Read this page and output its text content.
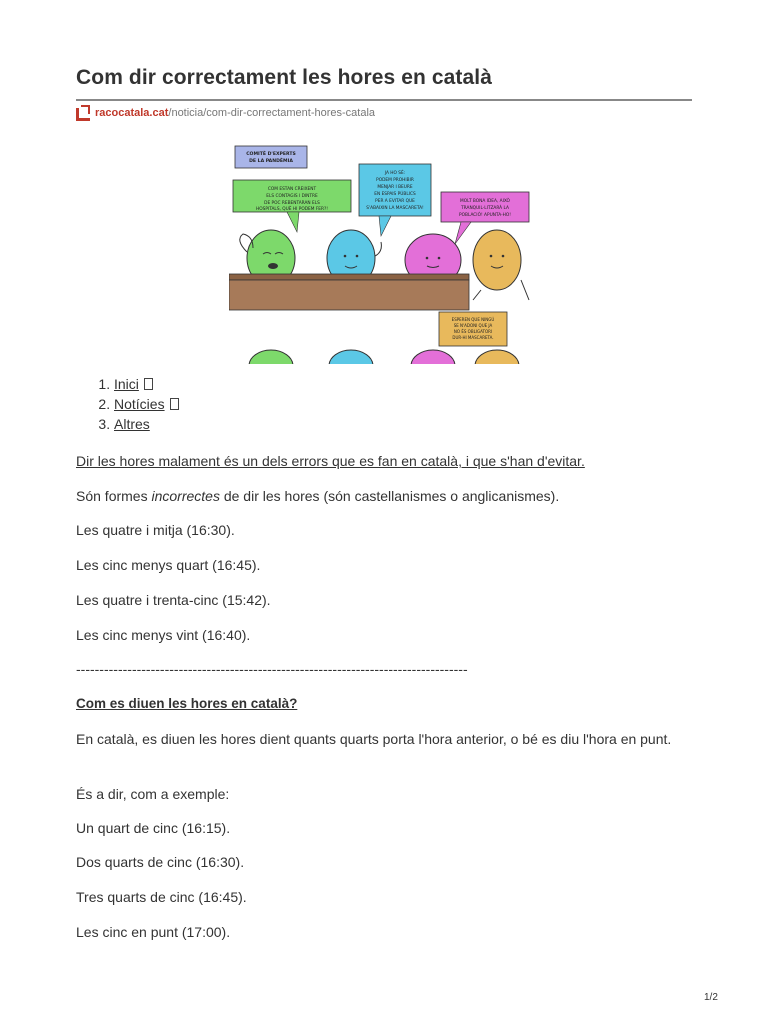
Com dir correctament les hores en català
racocatala.cat /noticia/com-dir-correctament-hores-catala
COMITÈ D'EXPERTS
DE LA PANDÈMIA
COM ESTAN CREIXENT
ELS CONTAGIS I DINTRE
DE POC REBENTARAN ELS
HOSPITALS, QUÈ HI PODEM FER?!
JA HO SÉ:
PODEM PROHIBIR
MENJAR I BEURE
EN ESPAIS PÚBLICS
PER A EVITAR QUE
S'ABAIXIN LA MASCARETA!
MOLT BONA IDEA, AIXÒ
TRANQUIL·LITZARÀ LA
POBLACIÓ! APUNTA-HO!
ESPEREN QUE NINGÚ
SE N'ADONI QUE JA
NO ÉS OBLIGATORI
DUR-HI MASCARETA.
1. Inici
2. Notícies
3. Altres

Dir les hores malament és un dels errors que es fan en català, i que s'han d'evitar.

Són formes incorrectes de dir les hores (són castellanismes o anglicanismes).

Les quatre i mitja (16:30).

Les cinc menys quart (16:45).

Les quatre i trenta-cinc (15:42).

Les cinc menys vint (16:40).

------------------------------------------------------------------------------------

Com es diuen les hores en català?

En català, es diuen les hores dient quants quarts porta l'hora anterior, o bé es diu l'hora en punt.

És a dir, com a exemple:

Un quart de cinc (16:15).

Dos quarts de cinc (16:30).

Tres quarts de cinc (16:45).

Les cinc en punt (17:00).

1/2
